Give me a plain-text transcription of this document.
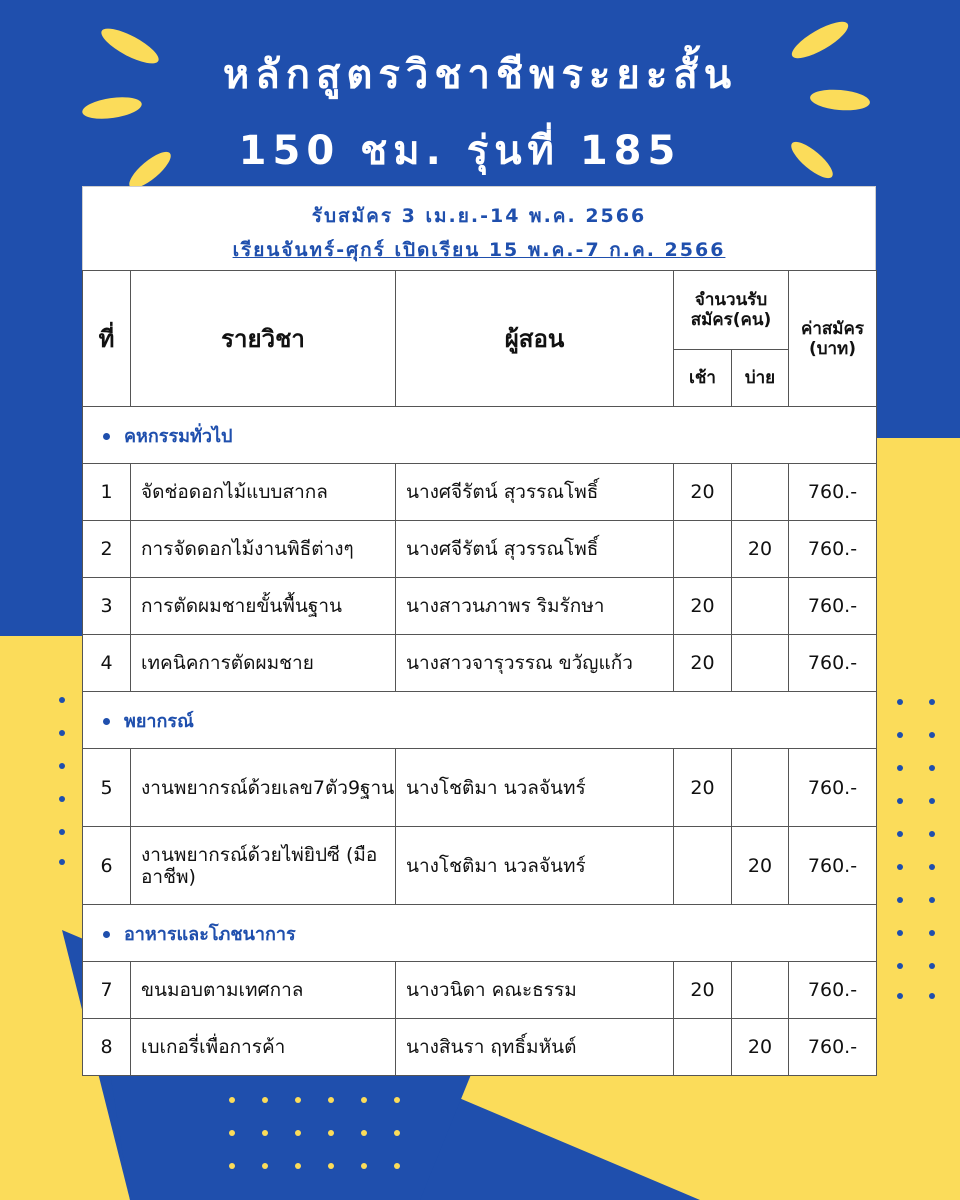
หลักสูตรวิชาชีพระยะสั้น
150 ชม. รุ่นที่ 185
รับสมัคร 3 เม.ย.-14 พ.ค. 2566
เรียนจันทร์-ศุกร์ เปิดเรียน 15 พ.ค.-7 ก.ค. 2566
ที่	รายวิชา	ผู้สอน	จำนวนรับสมัคร(คน)		ค่าสมัคร (บาท)
			เช้า	บ่าย	
คหกรรมทั่วไป					
1	จัดช่อดอกไม้แบบสากล	นางศจีรัตน์ สุวรรณโพธิ์	20		760.-
2	การจัดดอกไม้งานพิธีต่างๆ	นางศจีรัตน์ สุวรรณโพธิ์		20	760.-
3	การตัดผมชายขั้นพื้นฐาน	นางสาวนภาพร ริมรักษา	20		760.-
4	เทคนิคการตัดผมชาย	นางสาวจารุวรรณ ขวัญแก้ว	20		760.-
พยากรณ์					
5	งานพยากรณ์ด้วยเลข7ตัว9ฐาน	นางโชติมา นวลจันทร์	20		760.-
6	งานพยากรณ์ด้วยไพ่ยิปซี (มืออาชีพ)	นางโชติมา นวลจันทร์		20	760.-
อาหารและโภชนาการ					
7	ขนมอบตามเทศกาล	นางวนิดา คณะธรรม	20		760.-
8	เบเกอรี่เพื่อการค้า	นางสินรา ฤทธิ์มหันต์		20	760.-
